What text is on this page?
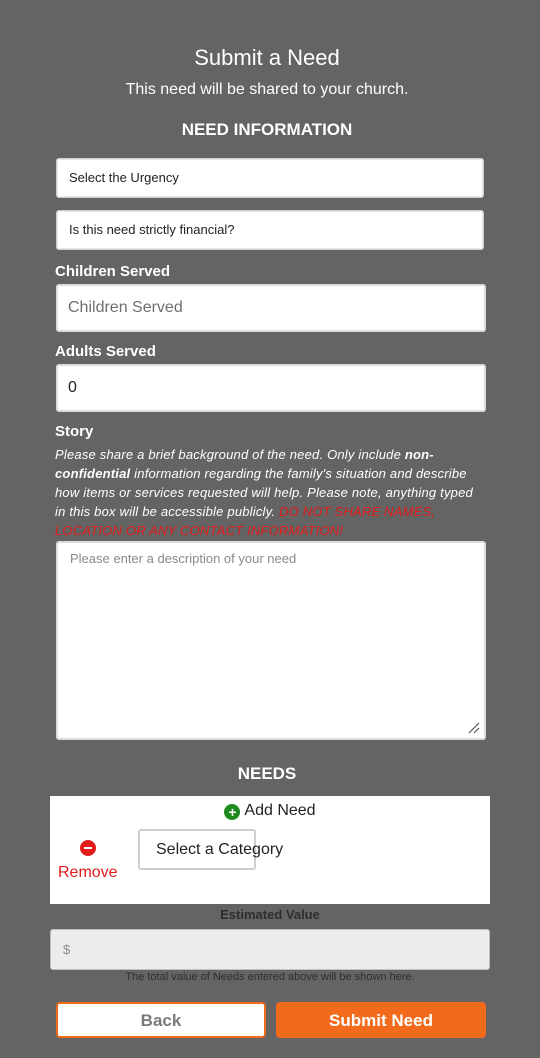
Submit a Need
This need will be shared to your church.
NEED INFORMATION
Select the Urgency
Is this need strictly financial?
Children Served
Children Served
Adults Served
0
Story
Please share a brief background of the need. Only include non-confidential information regarding the family's situation and describe how items or services requested will help. Please note, anything typed in this box will be accessible publicly. DO NOT SHARE NAMES, LOCATION OR ANY CONTACT INFORMATION!
Please enter a description of your need
NEEDS
+ Add Need
Remove
Select a Category
Estimated Value
$
The total value of Needs entered above will be shown here.
Back	Submit Need
